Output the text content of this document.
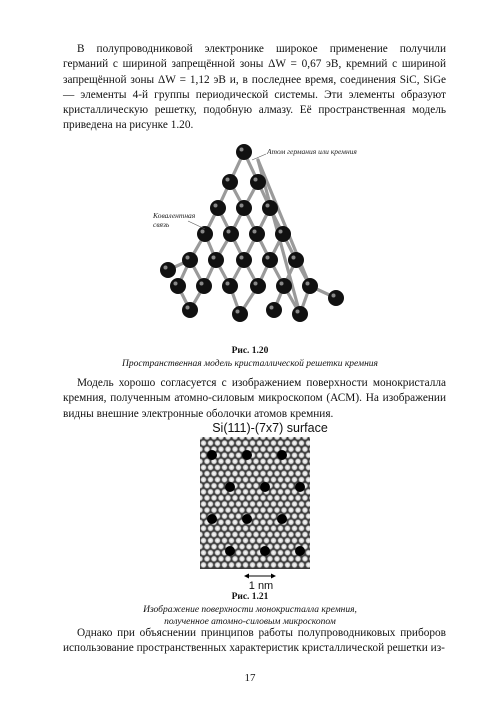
В полупроводниковой электронике широкое применение получили германий с шириной запрещённой зоны ΔW = 0,67 эВ, кремний с шириной запрещённой зоны ΔW = 1,12 эВ и, в последнее время, соединения SiC, SiGe — элементы 4-й группы периодической системы. Эти элементы образуют кристаллическую решетку, подобную алмазу. Её пространственная модель приведена на рисунке 1.20.

Атом германия или кремния
Ковалентная связь
Рис. 1.20
Пространственная модель кристаллической решетки кремния

Модель хорошо согласуется с изображением поверхности монокристалла кремния, полученным атомно-силовым микроскопом (АСМ). На изображении видны внешние электронные оболочки атомов кремния.

Si(111)-(7x7) surface
1 nm
Рис. 1.21
Изображение поверхности монокристалла кремния,
полученное атомно-силовым микроскопом

Однако при объяснении принципов работы полупроводниковых приборов использование пространственных характеристик кристаллической решетки из-

17
